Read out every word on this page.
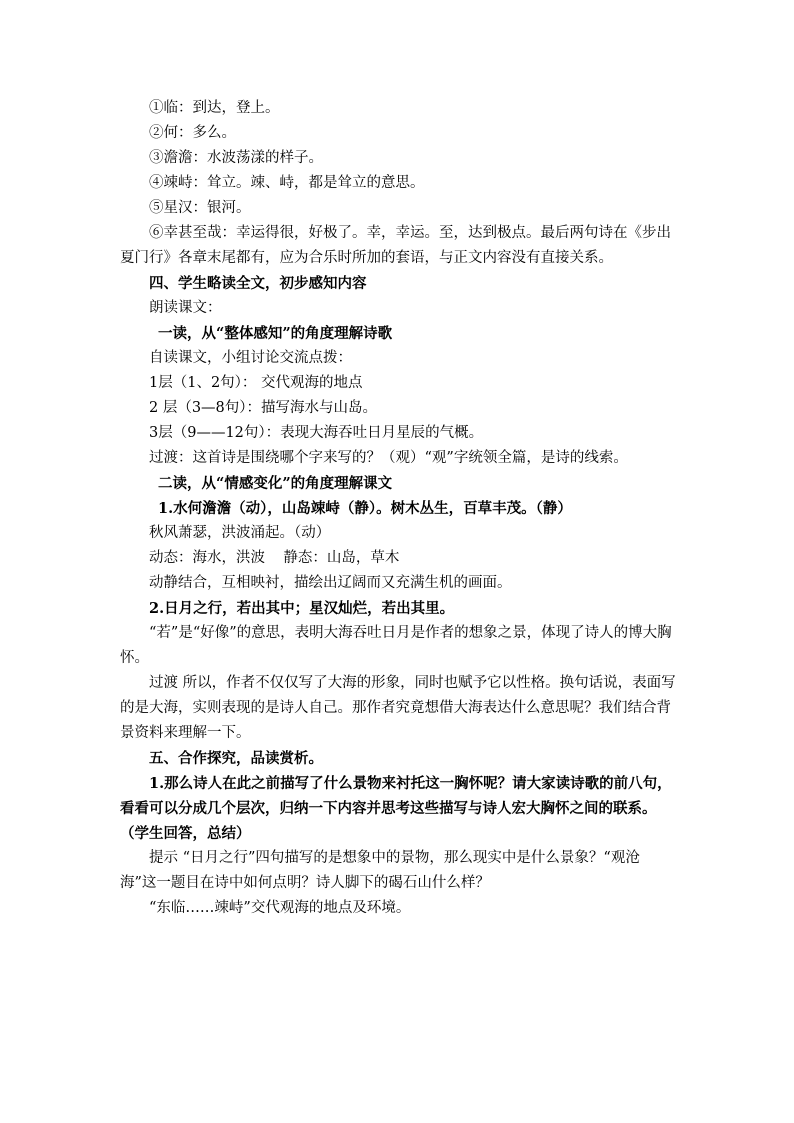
①临：到达，登上。
②何：多么。
③澹澹：水波荡漾的样子。
④竦峙：耸立。竦、峙，都是耸立的意思。
⑤星汉：银河。

⑥幸甚至哉：幸运得很，好极了。幸，幸运。至，达到极点。最后两句诗在《步出夏门行》各章末尾都有，应为合乐时所加的套语，与正文内容没有直接关系。

四、学生略读全文，初步感知内容
朗读课文：
一读，从“整体感知”的角度理解诗歌
自读课文，小组讨论交流点拨：
1层（1、2句）： 交代观海的地点
2 层（3—8句）：描写海水与山岛。
3层（9——12句）：表现大海吞吐日月星辰的气概。
过渡：这首诗是围绕哪个字来写的？（观）“观”字统领全篇，是诗的线索。
二读，从“情感变化”的角度理解课文
1.水何澹澹（动），山岛竦峙（静）。树木丛生，百草丰茂。（静）
秋风萧瑟，洪波涌起。（动）
动态：海水，洪波    静态：山岛，草木
动静结合，互相映衬，描绘出辽阔而又充满生机的画面。
2.日月之行，若出其中；星汉灿烂，若出其里。

“若”是“好像”的意思，表明大海吞吐日月是作者的想象之景，体现了诗人的博大胸怀。

过渡 所以，作者不仅仅写了大海的形象，同时也赋予它以性格。换句话说，表面写的是大海，实则表现的是诗人自己。那作者究竟想借大海表达什么意思呢？我们结合背景资料来理解一下。

五、合作探究，品读赏析。

1.那么诗人在此之前描写了什么景物来衬托这一胸怀呢？请大家读诗歌的前八句，看看可以分成几个层次，归纳一下内容并思考这些描写与诗人宏大胸怀之间的联系。（学生回答，总结）

提示 “日月之行”四句描写的是想象中的景物，那么现实中是什么景象？“观沧海”这一题目在诗中如何点明？诗人脚下的碣石山什么样？

“东临……竦峙”交代观海的地点及环境。
